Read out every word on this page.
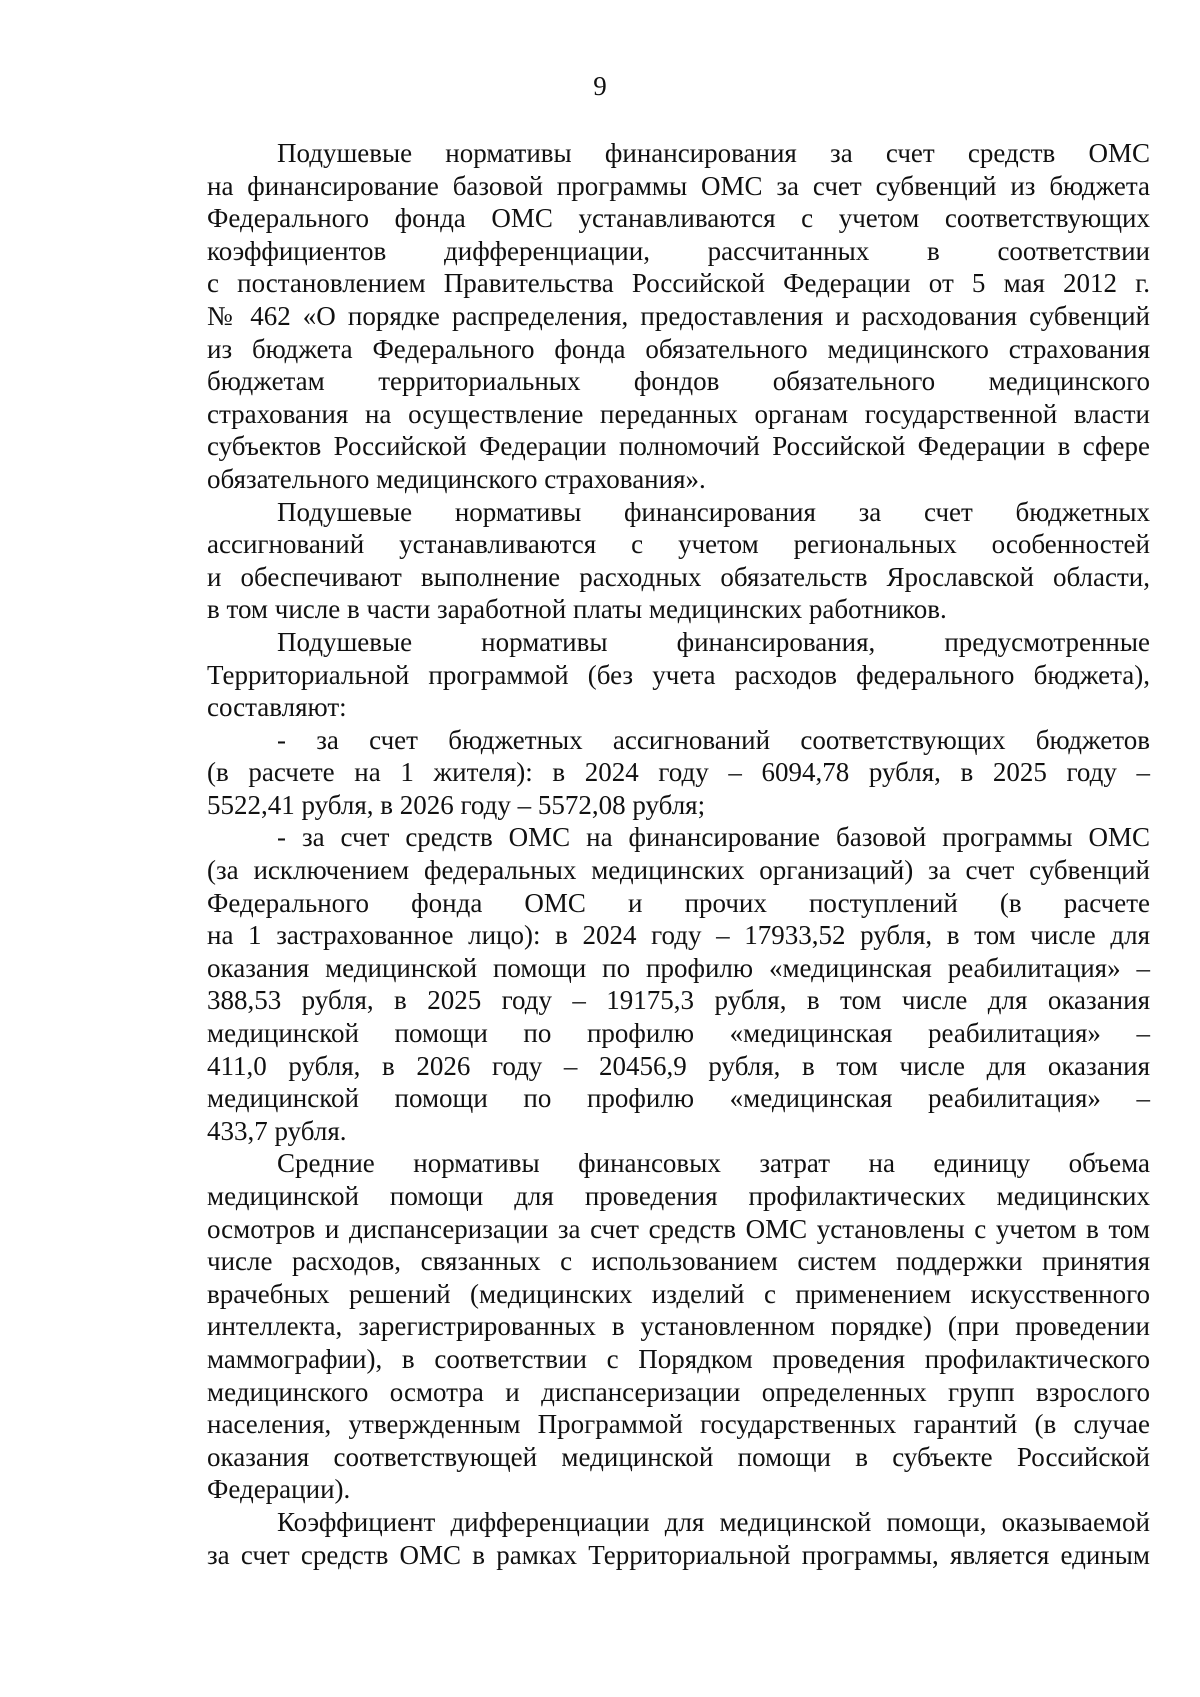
9
Подушевые нормативы финансирования за счет средств ОМС
на финансирование базовой программы ОМС за счет субвенций из бюджета
Федерального фонда ОМС устанавливаются с учетом соответствующих
коэффициентов дифференциации, рассчитанных в соответствии
с постановлением Правительства Российской Федерации от 5 мая 2012 г.
№ 462 «О порядке распределения, предоставления и расходования субвенций
из бюджета Федерального фонда обязательного медицинского страхования
бюджетам территориальных фондов обязательного медицинского
страхования на осуществление переданных органам государственной власти
субъектов Российской Федерации полномочий Российской Федерации в сфере
обязательного медицинского страхования».
Подушевые нормативы финансирования за счет бюджетных
ассигнований устанавливаются с учетом региональных особенностей
и обеспечивают выполнение расходных обязательств Ярославской области,
в том числе в части заработной платы медицинских работников.
Подушевые нормативы финансирования, предусмотренные
Территориальной программой (без учета расходов федерального бюджета),
составляют:
- за счет бюджетных ассигнований соответствующих бюджетов
(в расчете на 1 жителя): в 2024 году – 6094,78 рубля, в 2025 году –
5522,41 рубля, в 2026 году – 5572,08 рубля;
- за счет средств ОМС на финансирование базовой программы ОМС
(за исключением федеральных медицинских организаций) за счет субвенций
Федерального фонда ОМС и прочих поступлений (в расчете
на 1 застрахованное лицо): в 2024 году – 17933,52 рубля, в том числе для
оказания медицинской помощи по профилю «медицинская реабилитация» –
388,53 рубля, в 2025 году – 19175,3 рубля, в том числе для оказания
медицинской помощи по профилю «медицинская реабилитация» –
411,0 рубля, в 2026 году – 20456,9 рубля, в том числе для оказания
медицинской помощи по профилю «медицинская реабилитация» –
433,7 рубля.
Средние нормативы финансовых затрат на единицу объема
медицинской помощи для проведения профилактических медицинских
осмотров и диспансеризации за счет средств ОМС установлены с учетом в том
числе расходов, связанных с использованием систем поддержки принятия
врачебных решений (медицинских изделий с применением искусственного
интеллекта, зарегистрированных в установленном порядке) (при проведении
маммографии), в соответствии с Порядком проведения профилактического
медицинского осмотра и диспансеризации определенных групп взрослого
населения, утвержденным Программой государственных гарантий (в случае
оказания соответствующей медицинской помощи в субъекте Российской
Федерации).
Коэффициент дифференциации для медицинской помощи, оказываемой
за счет средств ОМС в рамках Территориальной программы, является единым
